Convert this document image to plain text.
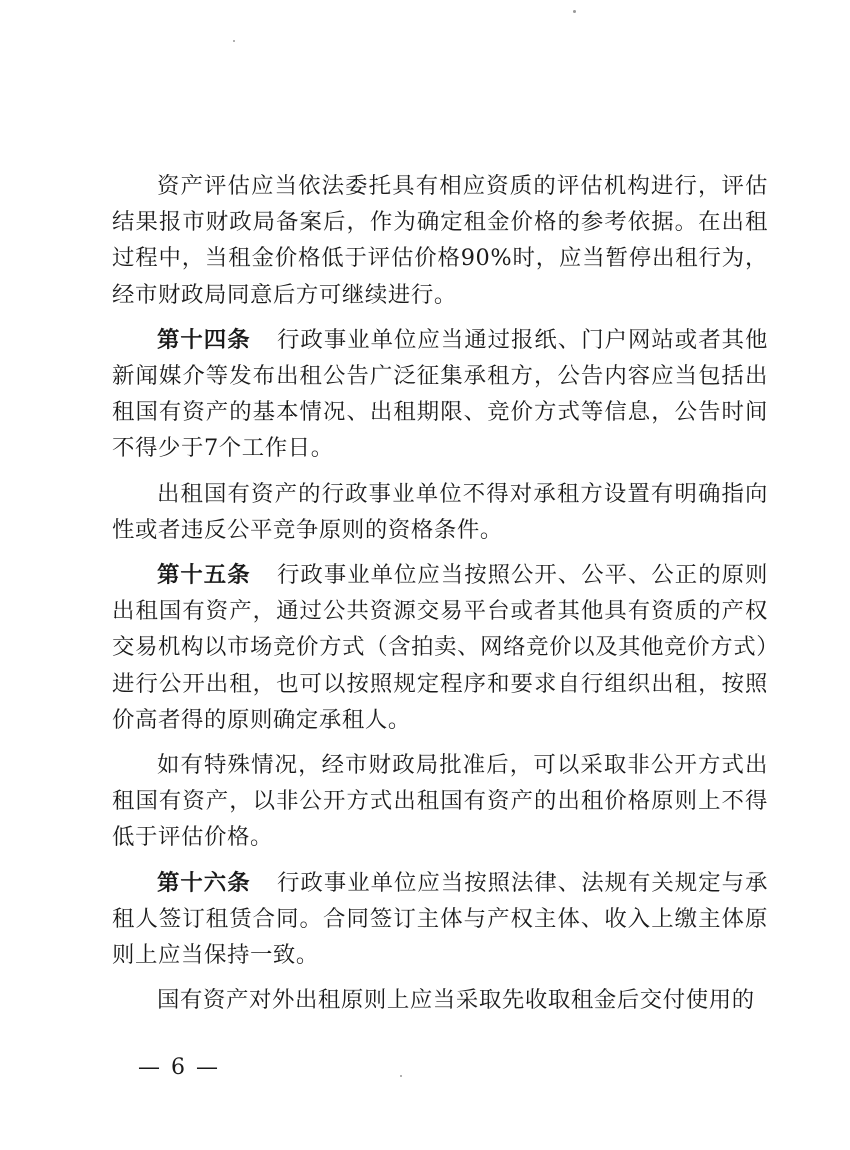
资产评估应当依法委托具有相应资质的评估机构进行，评估结果报市财政局备案后，作为确定租金价格的参考依据。在出租过程中，当租金价格低于评估价格90%时，应当暂停出租行为，经市财政局同意后方可继续进行。

第十四条 行政事业单位应当通过报纸、门户网站或者其他新闻媒介等发布出租公告广泛征集承租方，公告内容应当包括出租国有资产的基本情况、出租期限、竞价方式等信息，公告时间不得少于7个工作日。

出租国有资产的行政事业单位不得对承租方设置有明确指向性或者违反公平竞争原则的资格条件。

第十五条 行政事业单位应当按照公开、公平、公正的原则出租国有资产，通过公共资源交易平台或者其他具有资质的产权交易机构以市场竞价方式（含拍卖、网络竞价以及其他竞价方式）进行公开出租，也可以按照规定程序和要求自行组织出租，按照价高者得的原则确定承租人。

如有特殊情况，经市财政局批准后，可以采取非公开方式出租国有资产，以非公开方式出租国有资产的出租价格原则上不得低于评估价格。

第十六条 行政事业单位应当按照法律、法规有关规定与承租人签订租赁合同。合同签订主体与产权主体、收入上缴主体原则上应当保持一致。

国有资产对外出租原则上应当采取先收取租金后交付使用的

— 6 —
